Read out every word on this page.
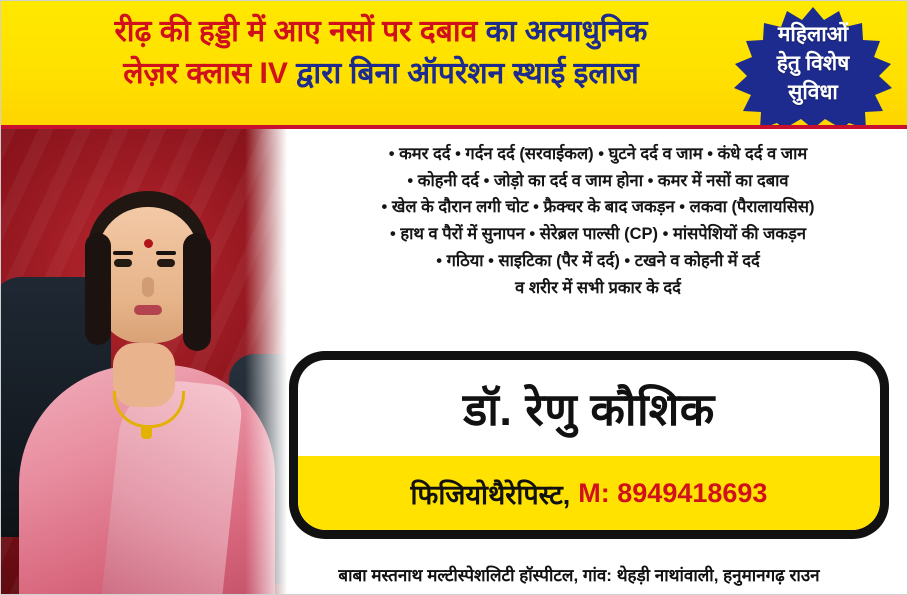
रीढ़ की हड्डी में आए नसों पर दबाव का अत्याधुनिक
लेज़र क्लास IV द्वारा बिना ऑपरेशन स्थाई इलाज
महिलाओं
हेतु विशेष
सुविधा
• कमर दर्द • गर्दन दर्द (सरवाईकल) • घुटने दर्द व जाम • कंधे दर्द व जाम
• कोहनी दर्द • जोड़ो का दर्द व जाम होना • कमर में नसों का दबाव
• खेल के दौरान लगी चोट • फ्रैक्चर के बाद जकड़न • लकवा (पैरालायसिस)
• हाथ व पैरों में सुनापन • सेरेब्रल पाल्सी (CP) • मांसपेशियों की जकड़न
• गठिया • साइटिका (पैर में दर्द) • टखने व कोहनी में दर्द
व शरीर में सभी प्रकार के दर्द
डॉ. रेणु कौशिक
फिजियोथैरेपिस्ट, M: 8949418693
बाबा मस्तनाथ मल्टीस्पेशलिटी हॉस्पीटल, गांव: थेहड़ी नाथांवाली, हनुमानगढ़ राउन
